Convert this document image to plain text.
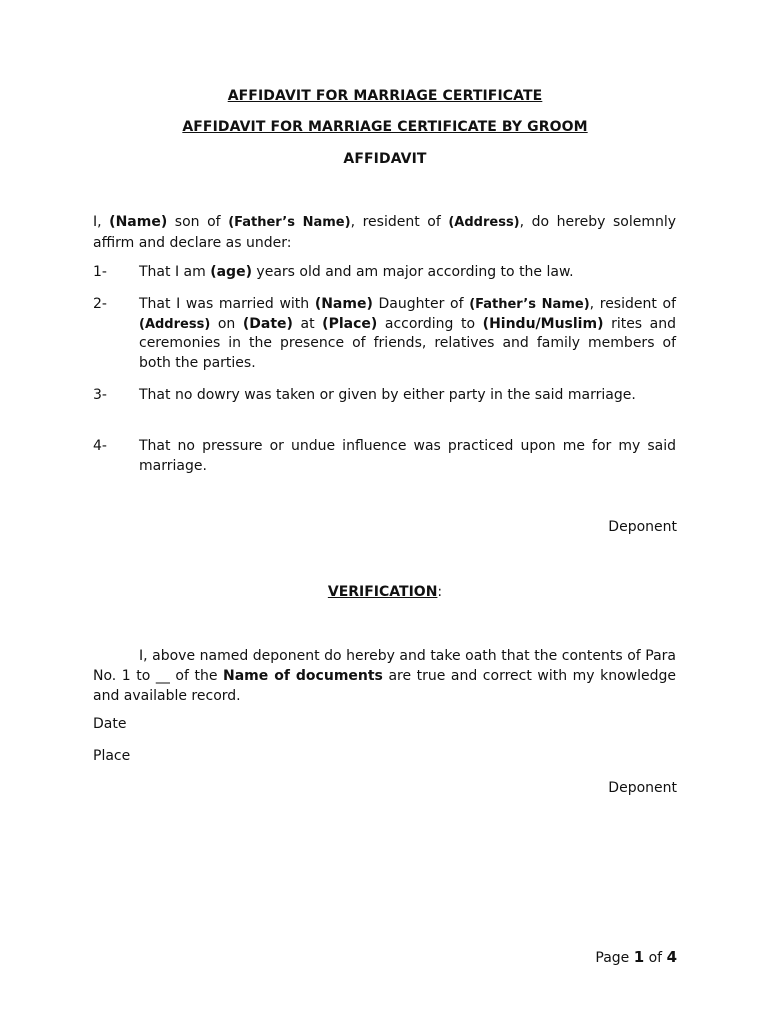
AFFIDAVIT FOR MARRIAGE CERTIFICATE
AFFIDAVIT FOR MARRIAGE CERTIFICATE BY GROOM
AFFIDAVIT
I, (Name) son of (Father’s Name), resident of (Address), do hereby solemnly affirm and declare as under:
1- That I am (age) years old and am major according to the law.
2- That I was married with (Name) Daughter of (Father’s Name), resident of (Address) on (Date) at (Place) according to (Hindu/Muslim) rites and ceremonies in the presence of friends, relatives and family members of both the parties.
3- That no dowry was taken or given by either party in the said marriage.
4- That no pressure or undue influence was practiced upon me for my said marriage.
Deponent
VERIFICATION:
I, above named deponent do hereby and take oath that the contents of Para No. 1 to __ of the Name of documents are true and correct with my knowledge and available record.
Date
Place
Deponent
Page 1 of 4
